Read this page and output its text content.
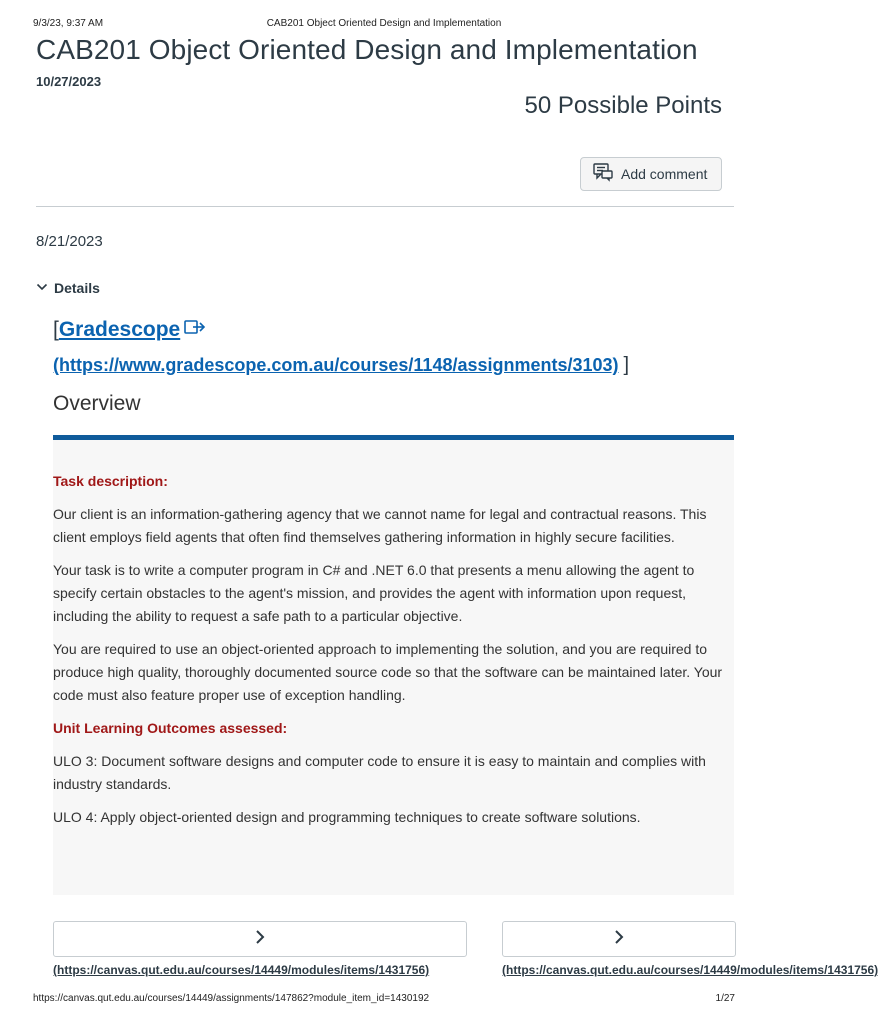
9/3/23, 9:37 AM	CAB201 Object Oriented Design and Implementation
CAB201 Object Oriented Design and Implementation
10/27/2023
50 Possible Points
Add comment
8/21/2023
Details
[Gradescope
(https://www.gradescope.com.au/courses/1148/assignments/3103) ]
Overview
Task description:

Our client is an information-gathering agency that we cannot name for legal and contractual reasons. This client employs field agents that often find themselves gathering information in highly secure facilities.

Your task is to write a computer program in C# and .NET 6.0 that presents a menu allowing the agent to specify certain obstacles to the agent's mission, and provides the agent with information upon request, including the ability to request a safe path to a particular objective.

You are required to use an object-oriented approach to implementing the solution, and you are required to produce high quality, thoroughly documented source code so that the software can be maintained later. Your code must also feature proper use of exception handling.

Unit Learning Outcomes assessed:

ULO 3: Document software designs and computer code to ensure it is easy to maintain and complies with industry standards.

ULO 4: Apply object-oriented design and programming techniques to create software solutions.

(https://canvas.qut.edu.au/courses/14449/modules/items/1431756)	(https://canvas.qut.edu.au/courses/14449/modules/items/1431756)
https://canvas.qut.edu.au/courses/14449/assignments/147862?module_item_id=1430192	1/27
